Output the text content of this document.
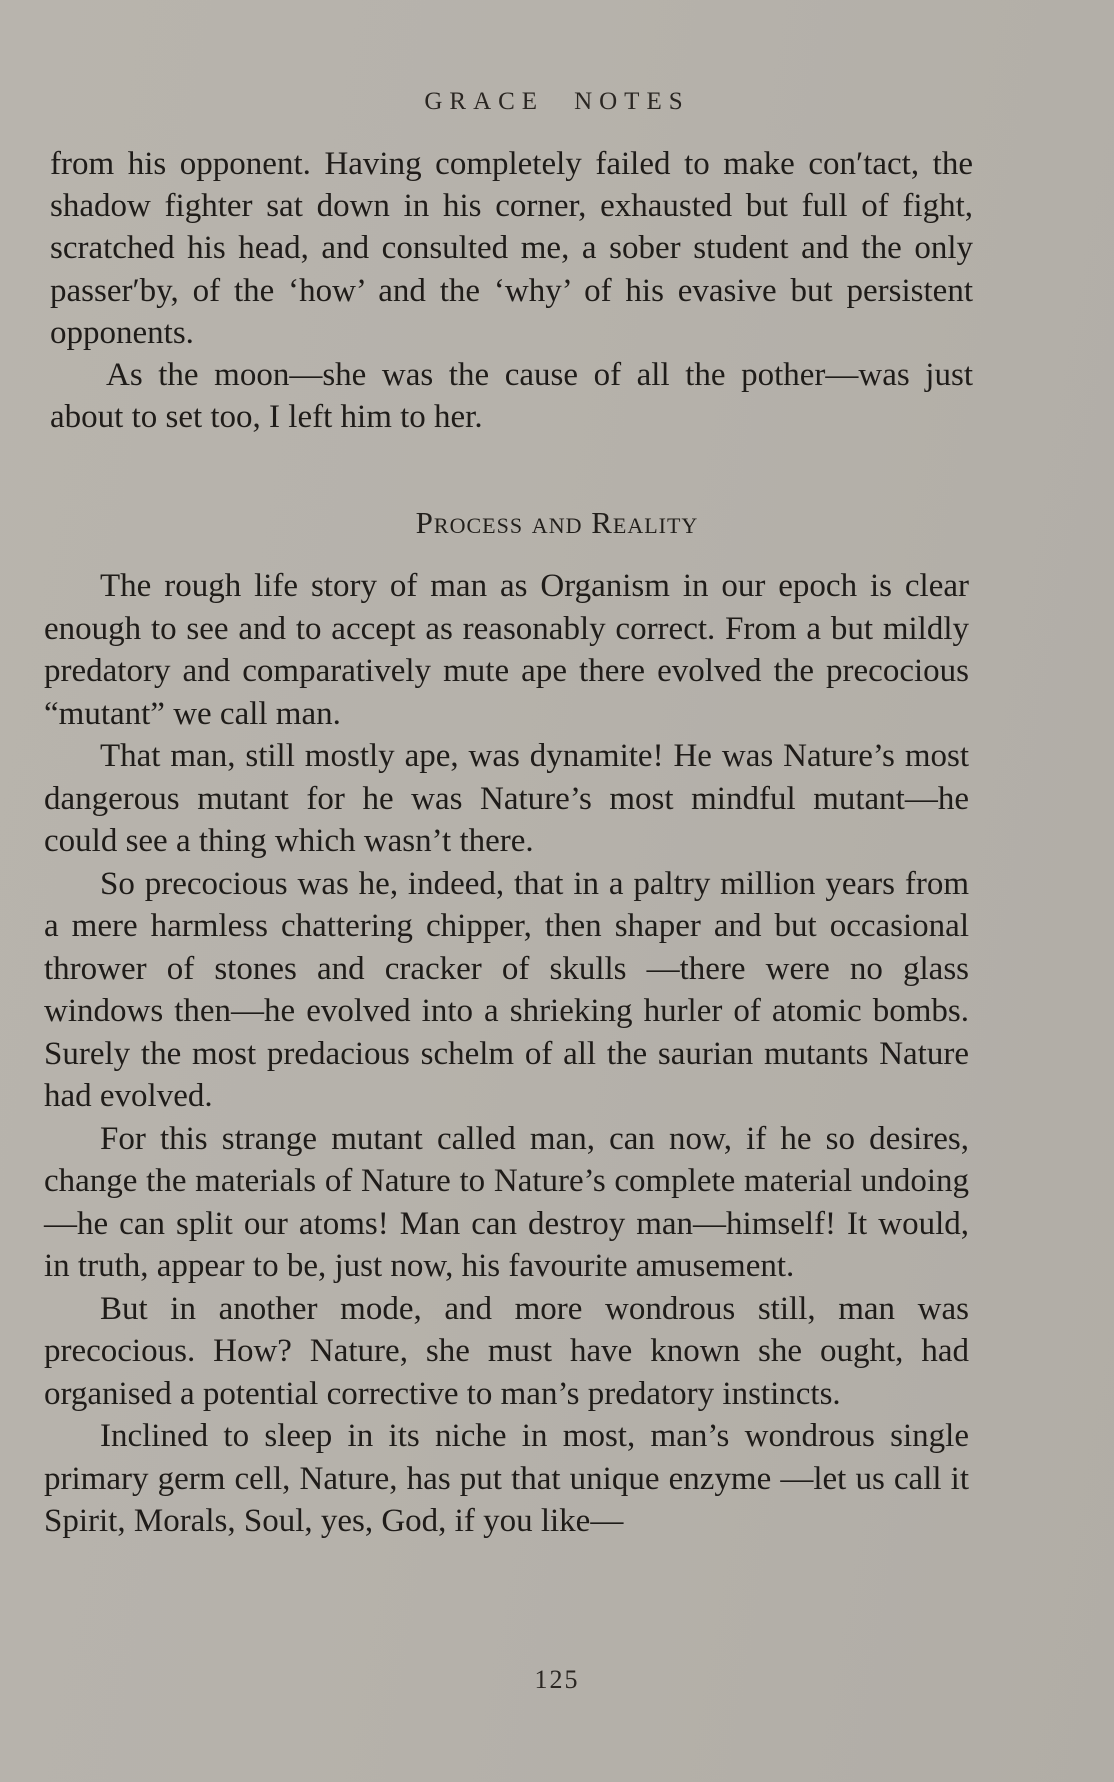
GRACE NOTES

from his opponent. Having completely failed to make con′tact, the shadow fighter sat down in his corner, exhausted but full of fight, scratched his head, and consulted me, a sober student and the only passer′by, of the ‘how’ and the ‘why’ of his evasive but persistent opponents.

As the moon—she was the cause of all the pother—was just about to set too, I left him to her.

Process and Reality

The rough life story of man as Organism in our epoch is clear enough to see and to accept as reasonably correct. From a but mildly predatory and comparatively mute ape there evolved the precocious “mutant” we call man.

That man, still mostly ape, was dynamite! He was Nature’s most dangerous mutant for he was Nature’s most mindful mutant—he could see a thing which wasn’t there.

So precocious was he, indeed, that in a paltry million years from a mere harmless chattering chipper, then shaper and but occasional thrower of stones and cracker of skulls —there were no glass windows then—he evolved into a shrieking hurler of atomic bombs. Surely the most predacious schelm of all the saurian mutants Nature had evolved.

For this strange mutant called man, can now, if he so desires, change the materials of Nature to Nature’s complete material undoing—he can split our atoms! Man can destroy man—himself! It would, in truth, appear to be, just now, his favourite amusement.

But in another mode, and more wondrous still, man was precocious. How? Nature, she must have known she ought, had organised a potential corrective to man’s predatory instincts.

Inclined to sleep in its niche in most, man’s wondrous single primary germ cell, Nature, has put that unique enzyme —let us call it Spirit, Morals, Soul, yes, God, if you like—

125
